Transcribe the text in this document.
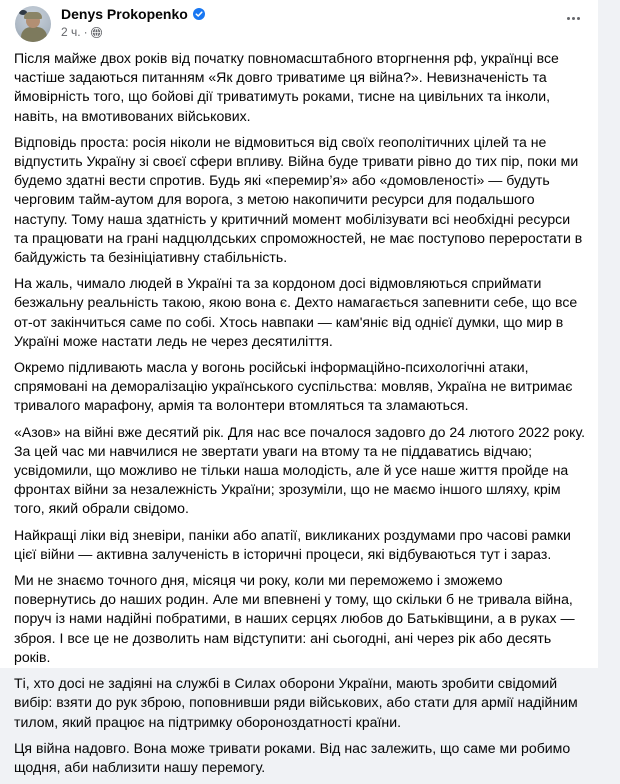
Denys Prokopenko
2 ч. ·

Після майже двох років від початку повномасштабного вторгнення рф, українці все частіше задаються питанням «Як довго триватиме ця війна?». Невизначеність та ймовірність того, що бойові дії триватимуть роками, тисне на цивільних та інколи, навіть, на вмотивованих військових.

Відповідь проста: росія ніколи не відмовиться від своїх геополітичних цілей та не відпустить Україну зі своєї сфери впливу. Війна буде тривати рівно до тих пір, поки ми будемо здатні вести спротив. Будь які «перемир’я» або «домовленості» — будуть черговим тайм-аутом для ворога, з метою накопичити ресурси для подальшого наступу. Тому наша здатність у критичний момент мобілізувати всі необхідні ресурси та працювати на грані надцюлдських спроможностей, не має поступово переростати в байдужість та безініціативну стабільність.

На жаль, чимало людей в Україні та за кордоном досі відмовляються сприймати безжальну реальність такою, якою вона є. Дехто намагається запевнити себе, що все от-от закінчиться саме по собі. Хтось навпаки — кам'яніє від однієї думки, що мир в Україні може настати ледь не через десятиліття.

Окремо підливають масла у вогонь російські інформаційно-психологічні атаки, спрямовані на деморалізацію українського суспільства: мовляв, Україна не витримає тривалого марафону, армія та волонтери втомляться та зламаються.

«Азов» на війні вже десятий рік. Для нас все почалося задовго до 24 лютого 2022 року. За цей час ми навчилися не звертати уваги на втому та не піддаватись відчаю; усвідомили, що можливо не тільки наша молодість, але й усе наше життя пройде на фронтах війни за незалежність України; зрозуміли, що не маємо іншого шляху, крім того, який обрали свідомо.

Найкращі ліки від зневіри, паніки або апатії, викликаних роздумами про часові рамки цієї війни — активна залученість в історичні процеси, які відбуваються тут і зараз.

Ми не знаємо точного дня, місяця чи року, коли ми переможемо і зможемо повернутись до наших родин. Але ми впевнені у тому, що скільки б не тривала війна, поруч із нами надійні побратими, в наших серцях любов до Батьківщини, а в руках — зброя. І все це не дозволить нам відступити: ані сьогодні, ані через рік або десять років.

Ті, хто досі не задіяні на службі в Силах оборони України, мають зробити свідомий вибір: взяти до рук зброю, поповнивши ряди військових, або стати для армії надійним тилом, який працює на підтримку обороноздатності країни.

Ця війна надовго. Вона може тривати роками. Від нас залежить, що саме ми робимо щодня, аби наблизити нашу перемогу.
